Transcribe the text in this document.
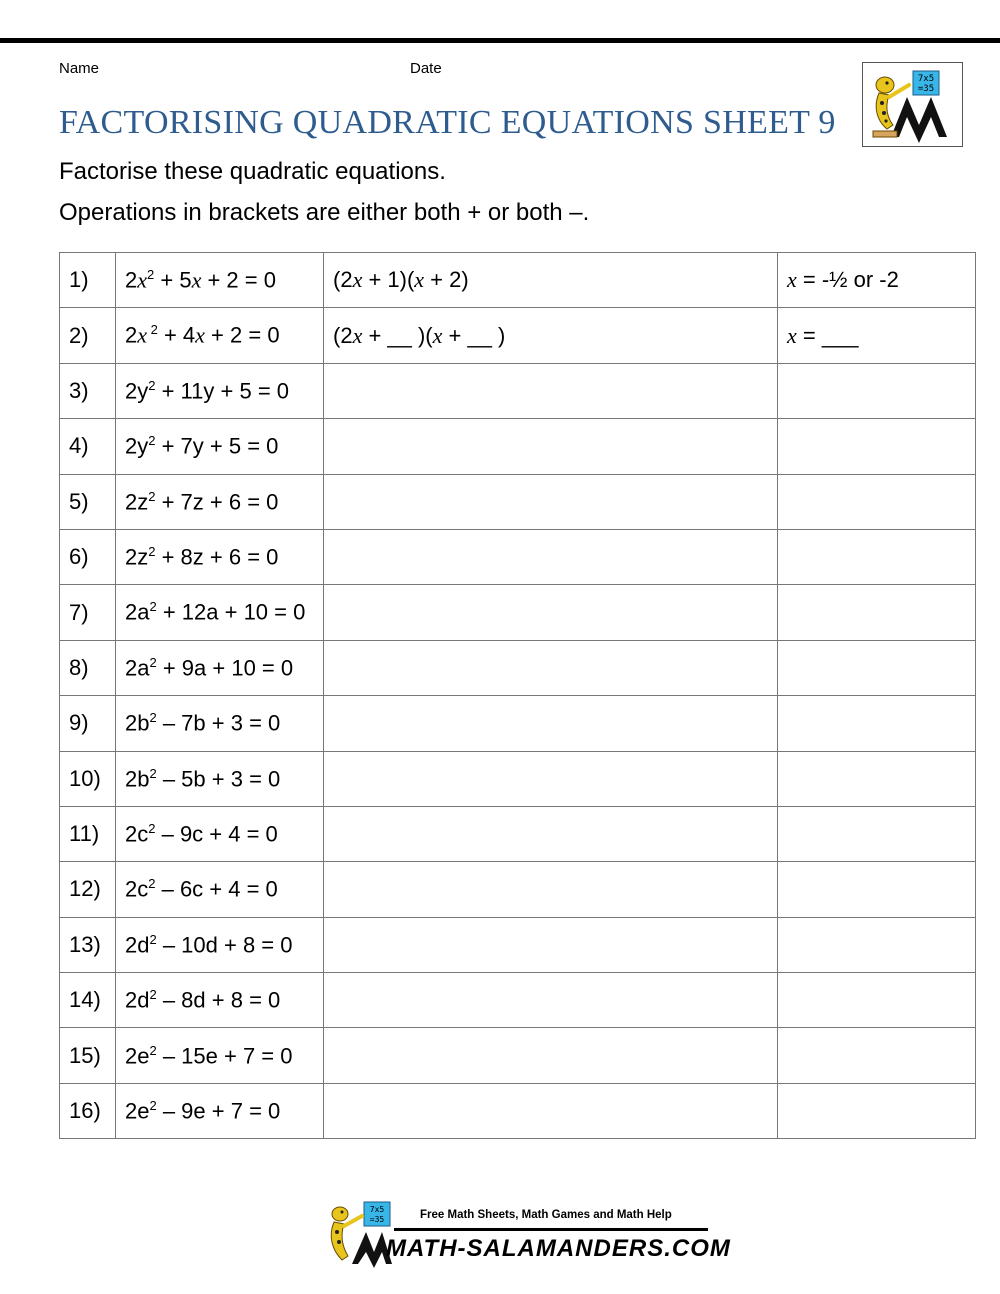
Name	Date
FACTORISING QUADRATIC EQUATIONS SHEET 9
Factorise these quadratic equations.
Operations in brackets are either both + or both –.
7x5
=35
1)	$2x^2 + 5x + 2 = 0$	(2x + 1)(x + 2)	x = -½ or -2
2)	2x $^2$ + 4x + 2 = 0	(2x + __ )(x + __ )	x = ___
3)	$2y^2 + 11y + 5 = 0$		
4)	$2y^2 + 7y + 5 = 0$		
5)	$2z^2 + 7z + 6 = 0$		
6)	$2z^2 + 8z + 6 = 0$		
7)	$2a^2 + 12a + 10 = 0$		
8)	$2a^2 + 9a + 10 = 0$		
9)	$2b^2 - 7b + 3 = 0$		
10)	$2b^2 - 5b + 3 = 0$		
11)	$2c^2 - 9c + 4 = 0$		
12)	$2c^2 - 6c + 4 = 0$		
13)	$2d^2 - 10d + 8 = 0$		
14)	$2d^2 - 8d + 8 = 0$		
15)	$2e^2 - 15e + 7 = 0$		
16)	$2e^2 - 9e + 7 = 0$		
7x5
=35	Free Math Sheets, Math Games and Math Help
MATH-SALAMANDERS.COM
